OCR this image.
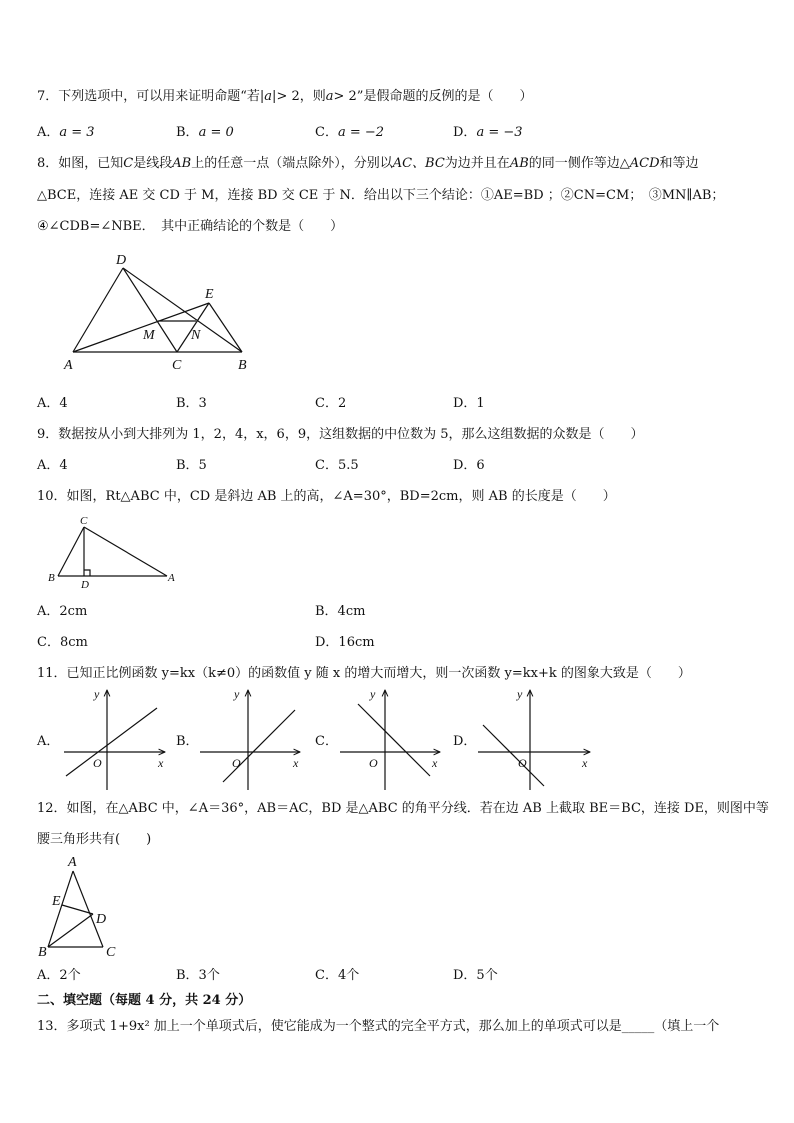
7．下列选项中，可以用来证明命题“若|a|> 2，则a> 2”是假命题的反例的是（　　）
A．a = 3	B．a = 0	C．a = −2	D．a = −3
8．如图，已知C是线段AB上的任意一点（端点除外），分别以AC、BC为边并且在AB的同一侧作等边△ACD和等边
△BCE，连接 AE 交 CD 于 M，连接 BD 交 CE 于 N．给出以下三个结论：①AE=BD ；②CN=CM；　③MN∥AB；
④∠CDB=∠NBE．　其中正确结论的个数是（　　）
D
E
M	N
A	C	B
A．4	B．3	C．2	D．1
9．数据按从小到大排列为 1，2，4，x，6，9，这组数据的中位数为 5，那么这组数据的众数是（　　）
A．4	B．5	C．5.5	D．6
10．如图，Rt△ABC 中，CD 是斜边 AB 上的高，∠A=30°，BD=2cm，则 AB 的长度是（　　）
C
B
D
A
A．2cm	B．4cm
C．8cm	D．16cm
11．已知正比例函数 y=kx（k≠0）的函数值 y 随 x 的增大而增大，则一次函数 y=kx+k 的图象大致是（　　）
A．	B．	C．	D．
y
x
O
y
x
O
y
x
O
y
x
O
12．如图，在△ABC 中，∠A＝36°，AB＝AC，BD 是△ABC 的角平分线．若在边 AB 上截取 BE＝BC，连接 DE，则图中等
腰三角形共有(　　)
A
E
D
B	C
A．2个	B．3个	C．4个	D．5个
二、填空题（每题 4 分，共 24 分）
13．多项式 1+9x² 加上一个单项式后，使它能成为一个整式的完全平方式，那么加上的单项式可以是_____（填上一个
